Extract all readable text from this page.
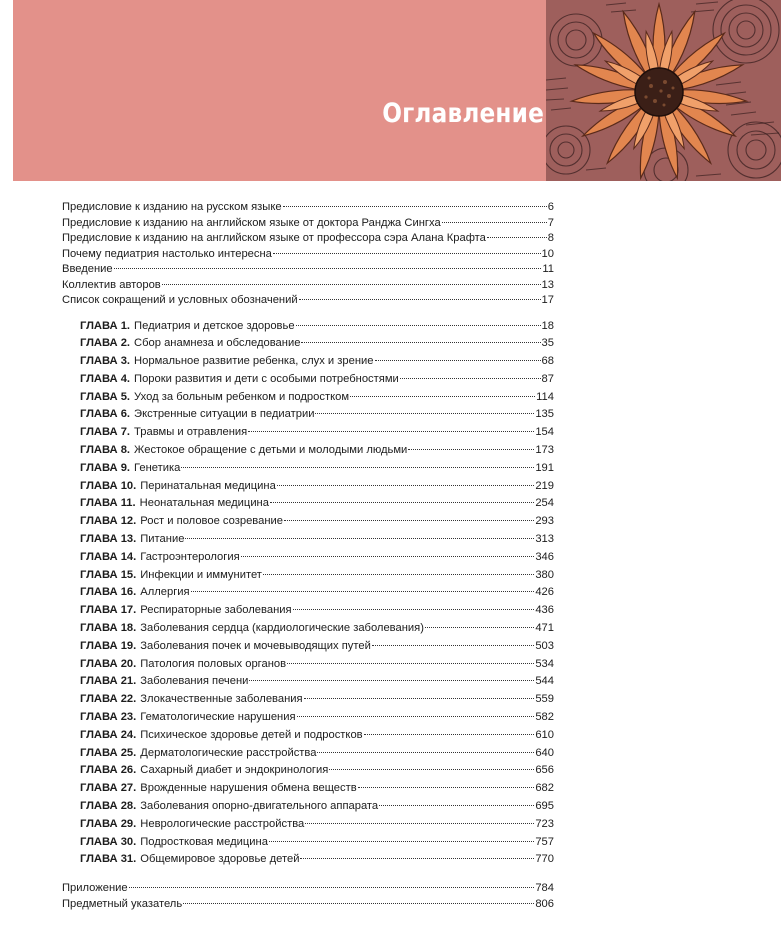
Оглавление
Предисловие к изданию на русском языке	6
Предисловие к изданию на английском языке от доктора Ранджа Сингха	7
Предисловие к изданию на английском языке от профессора сэра Алана Крафта	8
Почему педиатрия настолько интересна	10
Введение	11
Коллектив авторов	13
Список сокращений и условных обозначений	17
ГЛАВА 1. Педиатрия и детское здоровье	18
ГЛАВА 2. Сбор анамнеза и обследование	35
ГЛАВА 3. Нормальное развитие ребенка, слух и зрение	68
ГЛАВА 4. Пороки развития и дети с особыми потребностями	87
ГЛАВА 5. Уход за больным ребенком и подростком	114
ГЛАВА 6. Экстренные ситуации в педиатрии	135
ГЛАВА 7. Травмы и отравления	154
ГЛАВА 8. Жестокое обращение с детьми и молодыми людьми	173
ГЛАВА 9. Генетика	191
ГЛАВА 10. Перинатальная медицина	219
ГЛАВА 11. Неонатальная медицина	254
ГЛАВА 12. Рост и половое созревание	293
ГЛАВА 13. Питание	313
ГЛАВА 14. Гастроэнтерология	346
ГЛАВА 15. Инфекции и иммунитет	380
ГЛАВА 16. Аллергия	426
ГЛАВА 17. Респираторные заболевания	436
ГЛАВА 18. Заболевания сердца (кардиологические заболевания)	471
ГЛАВА 19. Заболевания почек и мочевыводящих путей	503
ГЛАВА 20. Патология половых органов	534
ГЛАВА 21. Заболевания печени	544
ГЛАВА 22. Злокачественные заболевания	559
ГЛАВА 23. Гематологические нарушения	582
ГЛАВА 24. Психическое здоровье детей и подростков	610
ГЛАВА 25. Дерматологические расстройства	640
ГЛАВА 26. Сахарный диабет и эндокринология	656
ГЛАВА 27. Врожденные нарушения обмена веществ	682
ГЛАВА 28. Заболевания опорно-двигательного аппарата	695
ГЛАВА 29. Неврологические расстройства	723
ГЛАВА 30. Подростковая медицина	757
ГЛАВА 31. Общемировое здоровье детей	770
Приложение	784
Предметный указатель	806
